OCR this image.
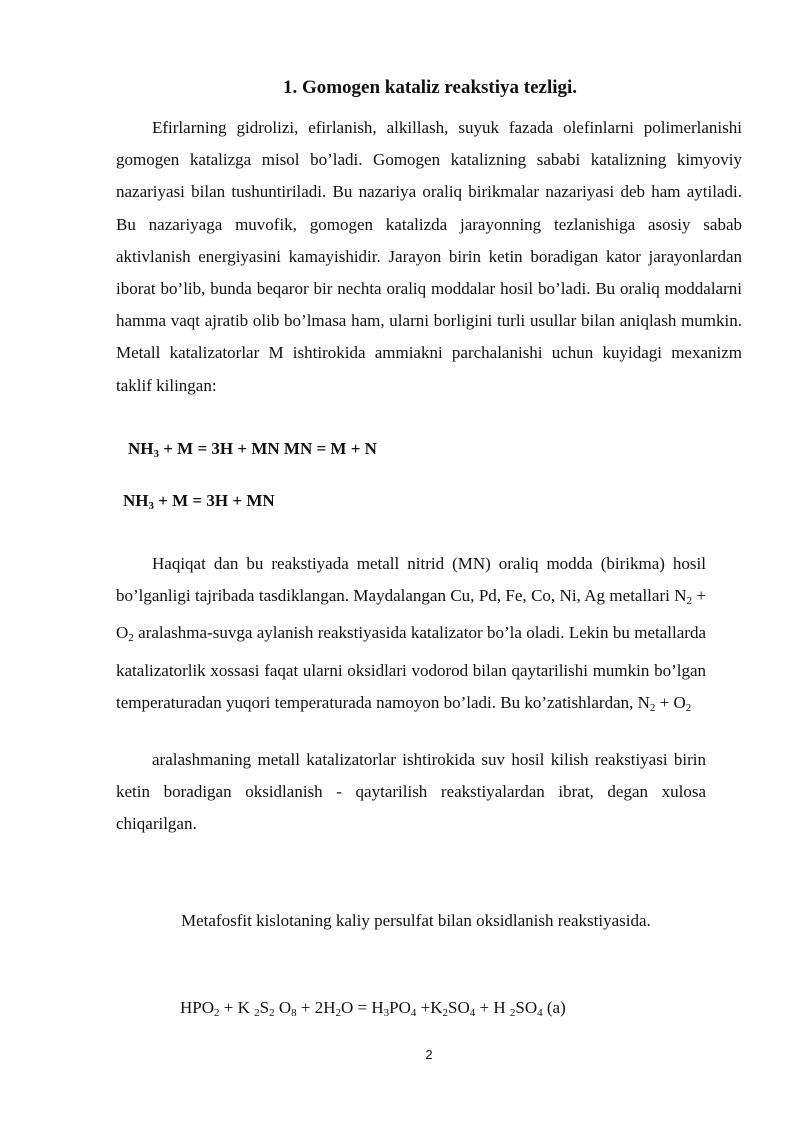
1. Gomogen kataliz reakstiya tezligi.

Efirlarning gidrolizi, efirlanish, alkillash, suyuk fazada olefinlarni polimerlanishi gomogen katalizga misol bo’ladi. Gomogen katalizning sababi katalizning kimyoviy nazariyasi bilan tushuntiriladi. Bu nazariya oraliq birikmalar nazariyasi deb ham aytiladi. Bu nazariyaga muvofik, gomogen katalizda jarayonning tezlanishiga asosiy sabab aktivlanish energiyasini kamayishidir. Jarayon birin ketin boradigan kator jarayonlardan iborat bo’lib, bunda beqaror bir nechta oraliq moddalar hosil bo’ladi. Bu oraliq moddalarni hamma vaqt ajratib olib bo’lmasa ham, ularni borligini turli usullar bilan aniqlash mumkin. Metall katalizatorlar M ishtirokida ammiakni parchalanishi uchun kuyidagi mexanizm taklif kilingan:

$NH_3 + M = 3H$ + MN MN = M + N
$NH_3 + M = 3H$ + MN

Haqiqat dan bu reakstiyada metall nitrid (MN) oraliq modda (birikma) hosil bo’lganligi tajribada tasdiklangan. Maydalangan Cu, Pd, Fe, Co, Ni, Ag metallari $N_2 + O_2$ aralashma-suvga aylanish reakstiyasida katalizator bo’la oladi. Lekin bu metallarda katalizatorlik xossasi faqat ularni oksidlari vodorod bilan qaytarilishi mumkin bo’lgan temperaturadan yuqori temperaturada namoyon bo’ladi. Bu ko’zatishlardan, $N_2 + O_2$

aralashmaning metall katalizatorlar ishtirokida suv hosil kilish reakstiyasi birin ketin boradigan oksidlanish - qaytarilish reakstiyalardan ibrat, degan xulosa chiqarilgan.

Metafosfit kislotaning kaliy persulfat bilan oksidlanish reakstiyasida.
$HPO_2 + K$ $_2S_2$ $O_8 + 2H_2O = H_3PO_4 +K_2SO_4 + H$ $_2SO_4$ (a)
2
